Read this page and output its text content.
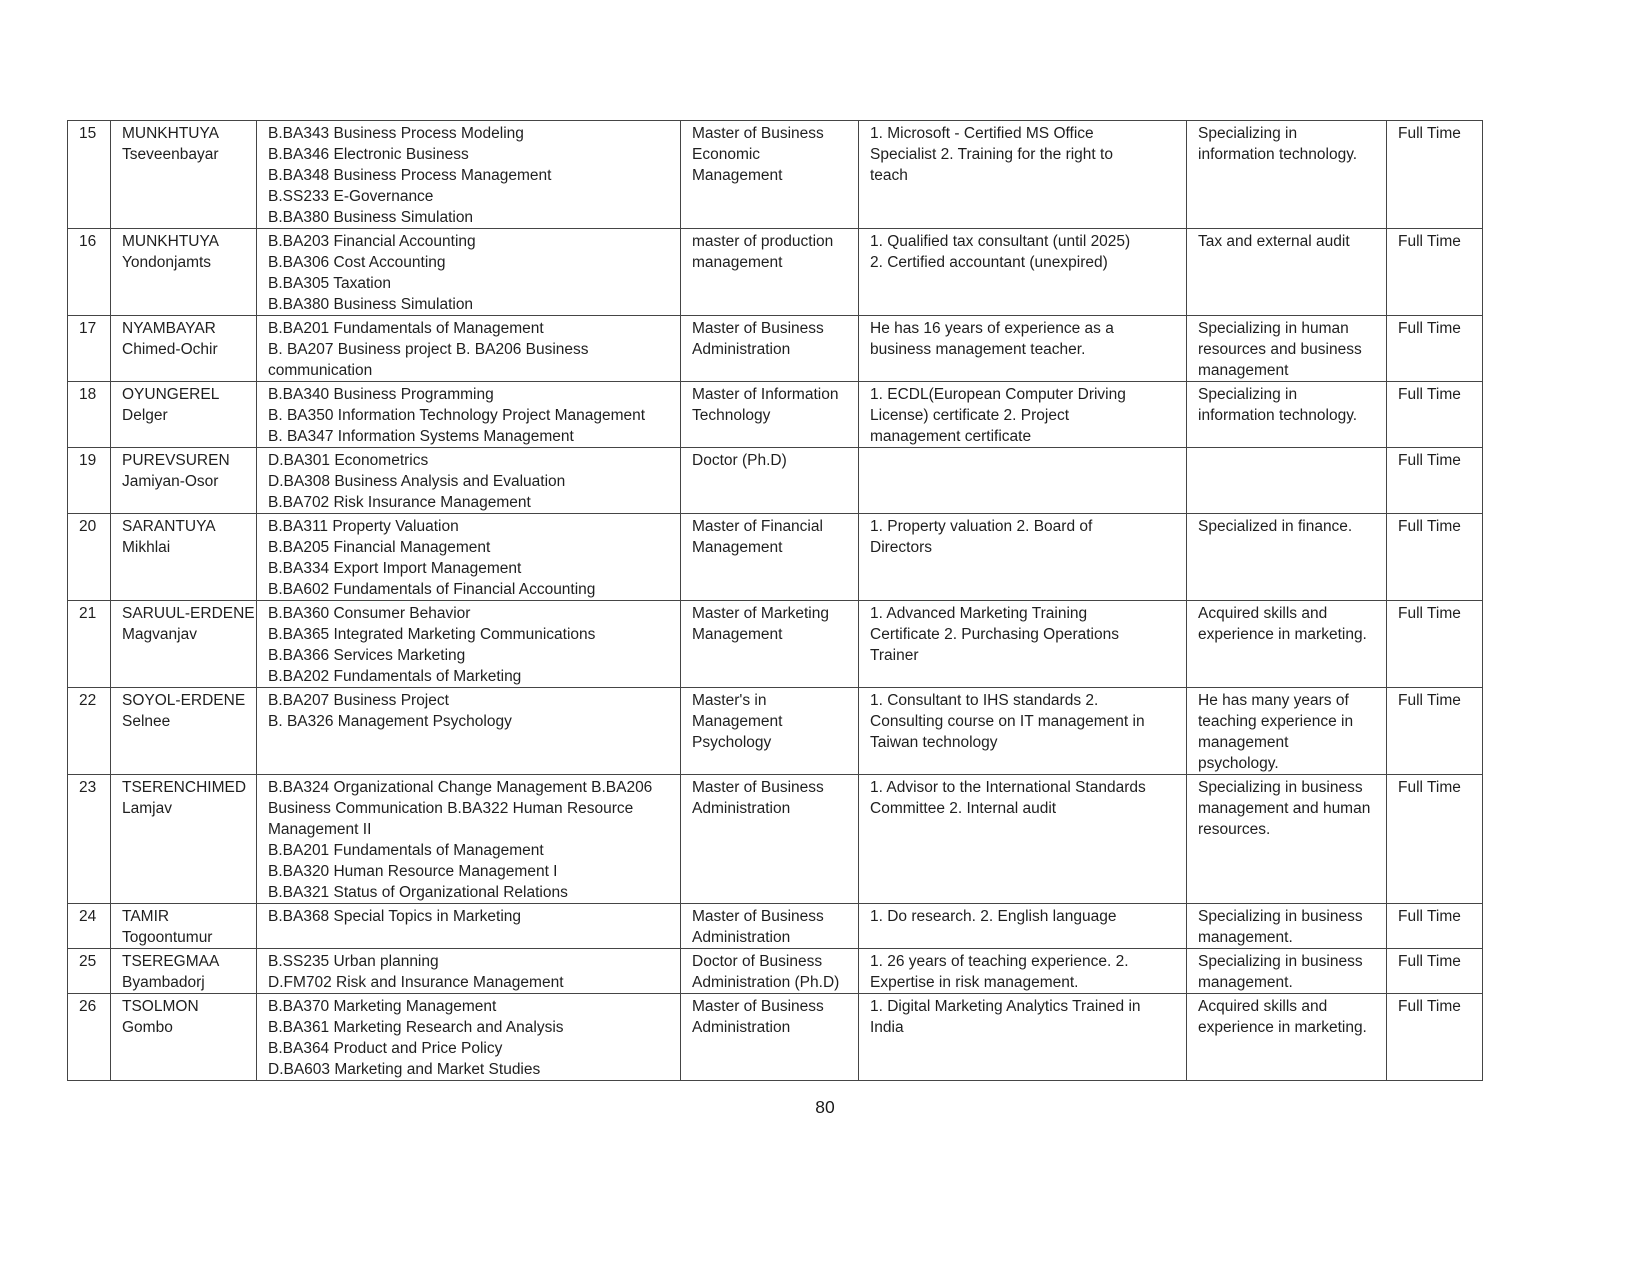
15	MUNKHTUYA
Tseveenbayar

B.BA343 Business Process Modeling
B.BA346 Electronic Business
B.BA348 Business Process Management
B.SS233 E-Governance
B.BA380 Business Simulation

Master of Business
Economic
Management

1. Microsoft - Certified MS Office
Specialist 2. Training for the right to
teach

Specializing in
information technology.

Full Time

16	MUNKHTUYA
Yondonjamts

B.BA203 Financial Accounting
B.BA306 Cost Accounting
B.BA305 Taxation
B.BA380 Business Simulation

master of production
management

1. Qualified tax consultant (until 2025)
2. Certified accountant (unexpired)

Tax and external audit	Full Time

17	NYAMBAYAR
Chimed-Ochir

B.BA201 Fundamentals of Management
B. BA207 Business project B. BA206 Business
communication

Master of Business
Administration

He has 16 years of experience as a
business management teacher.

Specializing in human
resources and business
management

Full Time

18	OYUNGEREL
Delger

B.BA340 Business Programming
B. BA350 Information Technology Project Management
B. BA347 Information Systems Management

Master of Information
Technology

1. ECDL(European Computer Driving
License) certificate 2. Project
management certificate

Specializing in
information technology.

Full Time

19	PUREVSUREN
Jamiyan-Osor

D.BA301 Econometrics
D.BA308 Business Analysis and Evaluation
B.BA702 Risk Insurance Management

Doctor (Ph.D)			Full Time

20	SARANTUYA
Mikhlai

B.BA311 Property Valuation
B.BA205 Financial Management
B.BA334 Export Import Management
B.BA602 Fundamentals of Financial Accounting

Master of Financial
Management

1. Property valuation 2. Board of
Directors

Specialized in finance.	Full Time

21	SARUUL-ERDENE
Magvanjav

B.BA360 Consumer Behavior
B.BA365 Integrated Marketing Communications
B.BA366 Services Marketing
B.BA202 Fundamentals of Marketing

Master of Marketing
Management

1. Advanced Marketing Training
Certificate 2. Purchasing Operations
Trainer

Acquired skills and
experience in marketing.

Full Time

22	SOYOL-ERDENE
Selnee

B.BA207 Business Project
B. BA326 Management Psychology

Master's in
Management
Psychology

1. Consultant to IHS standards 2.
Consulting course on IT management in
Taiwan technology

He has many years of
teaching experience in
management
psychology.

Full Time

23	TSERENCHIMED
Lamjav

B.BA324 Organizational Change Management B.BA206
Business Communication B.BA322 Human Resource
Management II
B.BA201 Fundamentals of Management
B.BA320 Human Resource Management I
B.BA321 Status of Organizational Relations

Master of Business
Administration

1. Advisor to the International Standards
Committee 2. Internal audit

Specializing in business
management and human
resources.

Full Time

24	TAMIR
Togoontumur

B.BA368 Special Topics in Marketing	Master of Business
Administration

1. Do research. 2. English language	Specializing in business
management.

Full Time

25	TSEREGMAA
Byambadorj

B.SS235 Urban planning
D.FM702 Risk and Insurance Management

Doctor of Business
Administration (Ph.D)

1. 26 years of teaching experience. 2.
Expertise in risk management.

Specializing in business
management.

Full Time

26	TSOLMON
Gombo

B.BA370 Marketing Management
B.BA361 Marketing Research and Analysis
B.BA364 Product and Price Policy
D.BA603 Marketing and Market Studies

Master of Business
Administration

1. Digital Marketing Analytics Trained in
India

Acquired skills and
experience in marketing.

Full Time
80
